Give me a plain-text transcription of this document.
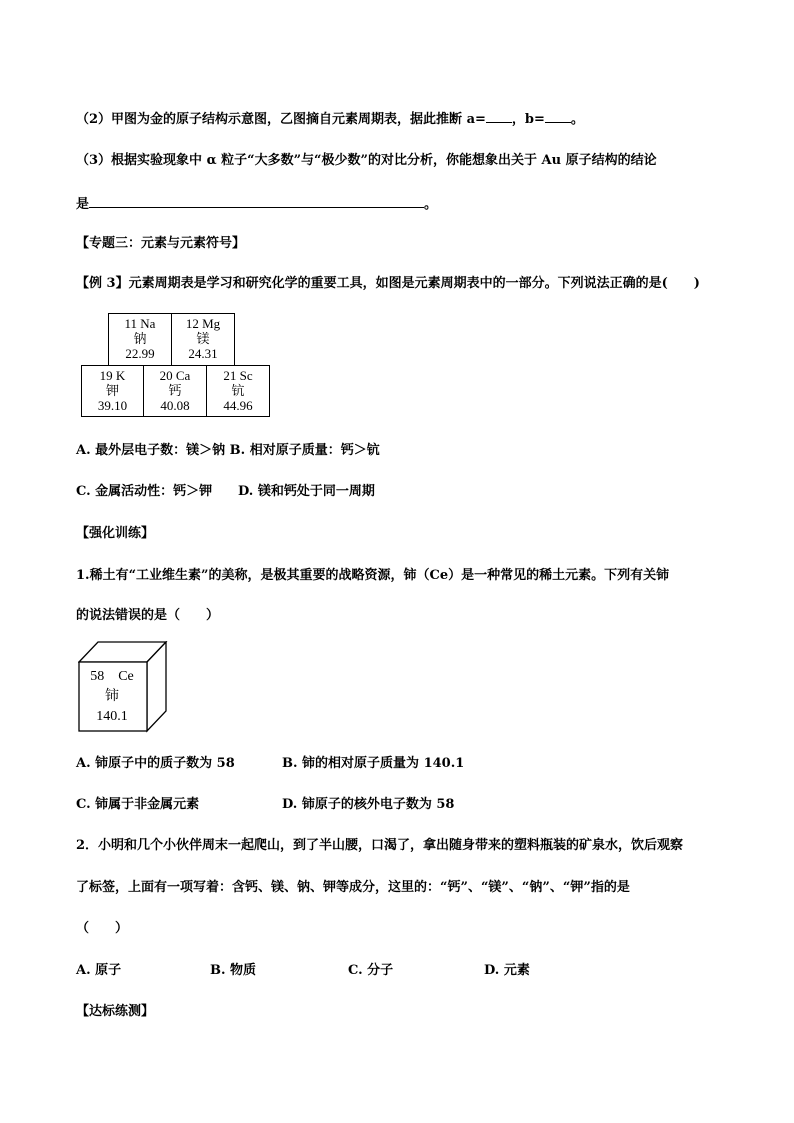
（2）甲图为金的原子结构示意图，乙图摘自元素周期表，据此推断 a= ，b= 。
（3）根据实验现象中 α 粒子“大多数”与“极少数”的对比分析，你能想象出关于 Au 原子结构的结论
是	。
【专题三：元素与元素符号】
【例 3】元素周期表是学习和研究化学的重要工具，如图是元素周期表中的一部分。下列说法正确的是(　　)
11 Na
钠
22.99
12 Mg
镁
24.31
19 K
钾
39.10
20 Ca
钙
40.08
21 Sc
钪
44.96
A. 最外层电子数：镁＞钠 B. 相对原子质量：钙＞钪
C. 金属活动性：钙＞钾 D. 镁和钙处于同一周期
【强化训练】
1.稀土有“工业维生素”的美称，是极其重要的战略资源，铈（Ce）是一种常见的稀土元素。下列有关铈
的说法错误的是（　　）
58　Ce
铈
140.1
A. 铈原子中的质子数为 58	B. 铈的相对原子质量为 140.1
C. 铈属于非金属元素	D. 铈原子的核外电子数为 58
2．小明和几个小伙伴周末一起爬山，到了半山腰，口渴了，拿出随身带来的塑料瓶装的矿泉水，饮后观察
了标签，上面有一项写着：含钙、镁、钠、钾等成分，这里的：“钙”、“镁”、“钠”、“钾”指的是
（　　）
A. 原子	B. 物质	C. 分子	D. 元素
【达标练测】
